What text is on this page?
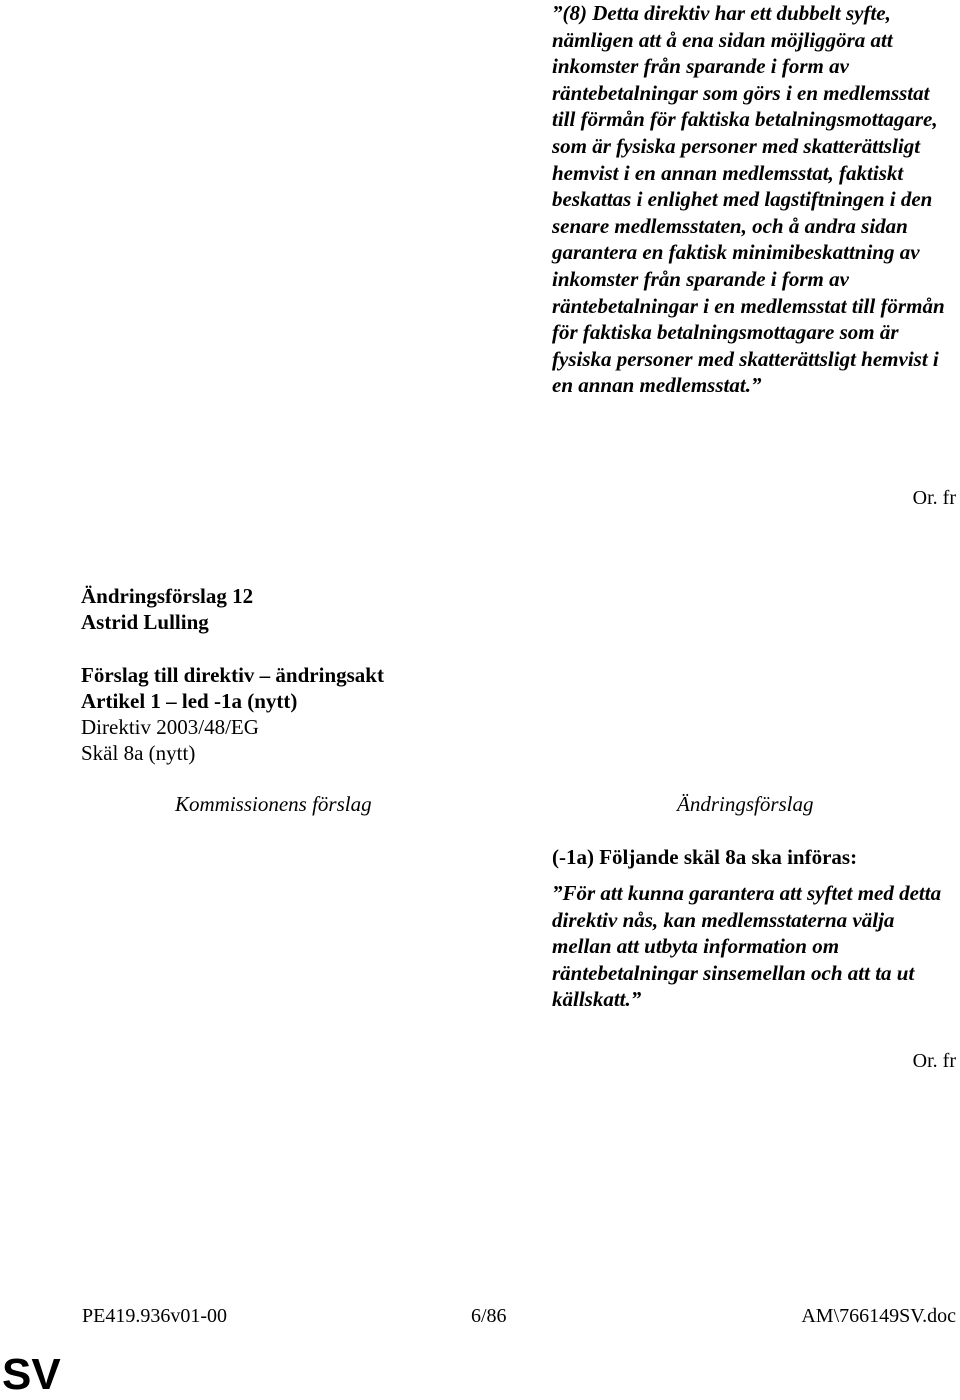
”(8) Detta direktiv har ett dubbelt syfte, nämligen att å ena sidan möjliggöra att inkomster från sparande i form av räntebetalningar som görs i en medlemsstat till förmån för faktiska betalningsmottagare, som är fysiska personer med skatterättsligt hemvist i en annan medlemsstat, faktiskt beskattas i enlighet med lagstiftningen i den senare medlemsstaten, och å andra sidan garantera en faktisk minimibeskattning av inkomster från sparande i form av räntebetalningar i en medlemsstat till förmån för faktiska betalningsmottagare som är fysiska personer med skatterättsligt hemvist i en annan medlemsstat.”

Or. fr
Ändringsförslag 12
Astrid Lulling
Förslag till direktiv – ändringsakt
Artikel 1 – led -1a (nytt)
Direktiv 2003/48/EG
Skäl 8a (nytt)
Kommissionens förslag	Ändringsförslag
(-1a) Följande skäl 8a ska införas:

”För att kunna garantera att syftet med detta direktiv nås, kan medlemsstaterna välja mellan att utbyta information om räntebetalningar sinsemellan och att ta ut källskatt.”

Or. fr
PE419.936v01-00	6/86	AM\766149SV.doc
SV
